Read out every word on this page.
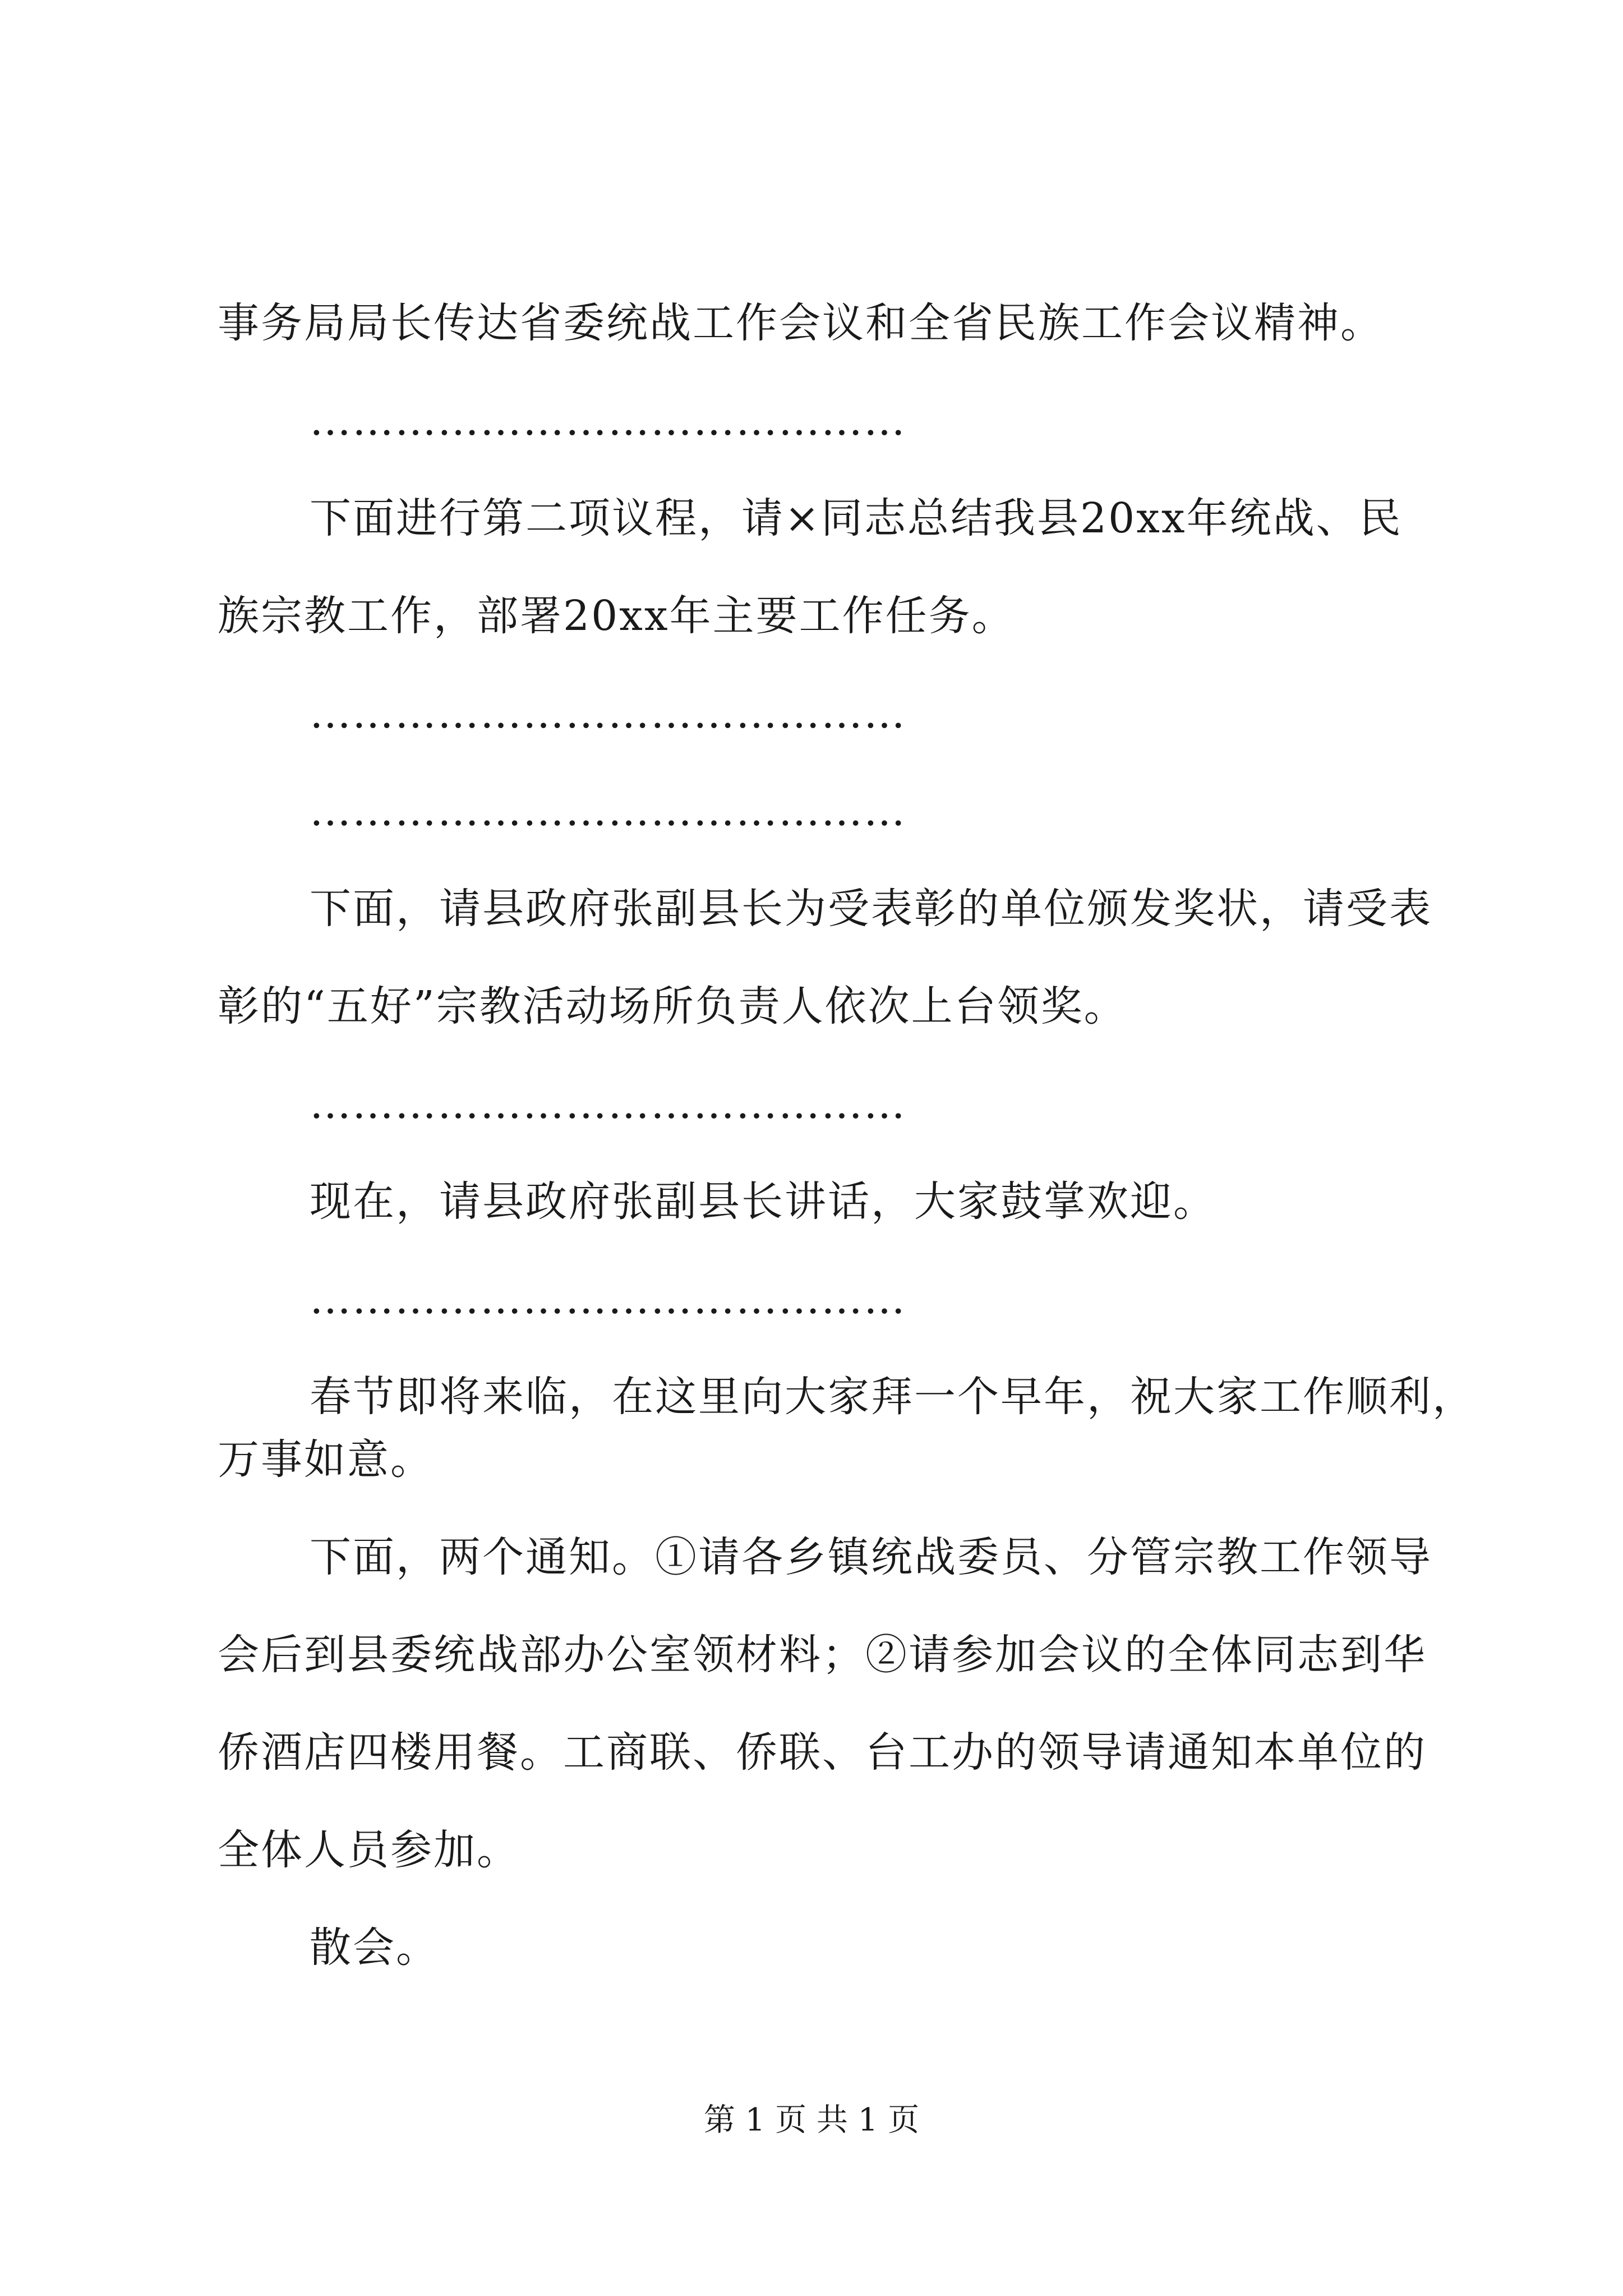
事务局局长传达省委统战工作会议和全省民族工作会议精神。

……………………………………

下面进行第二项议程，请×同志总结我县20xx年统战、民

族宗教工作，部署20xx年主要工作任务。

……………………………………

……………………………………

下面，请县政府张副县长为受表彰的单位颁发奖状，请受表

彰的“五好”宗教活动场所负责人依次上台领奖。

……………………………………

现在，请县政府张副县长讲话，大家鼓掌欢迎。

……………………………………

春节即将来临，在这里向大家拜一个早年，祝大家工作顺利，

万事如意。

下面，两个通知。①请各乡镇统战委员、分管宗教工作领导

会后到县委统战部办公室领材料；②请参加会议的全体同志到华

侨酒店四楼用餐。工商联、侨联、台工办的领导请通知本单位的

全体人员参加。

散会。

第 1 页 共 1 页
